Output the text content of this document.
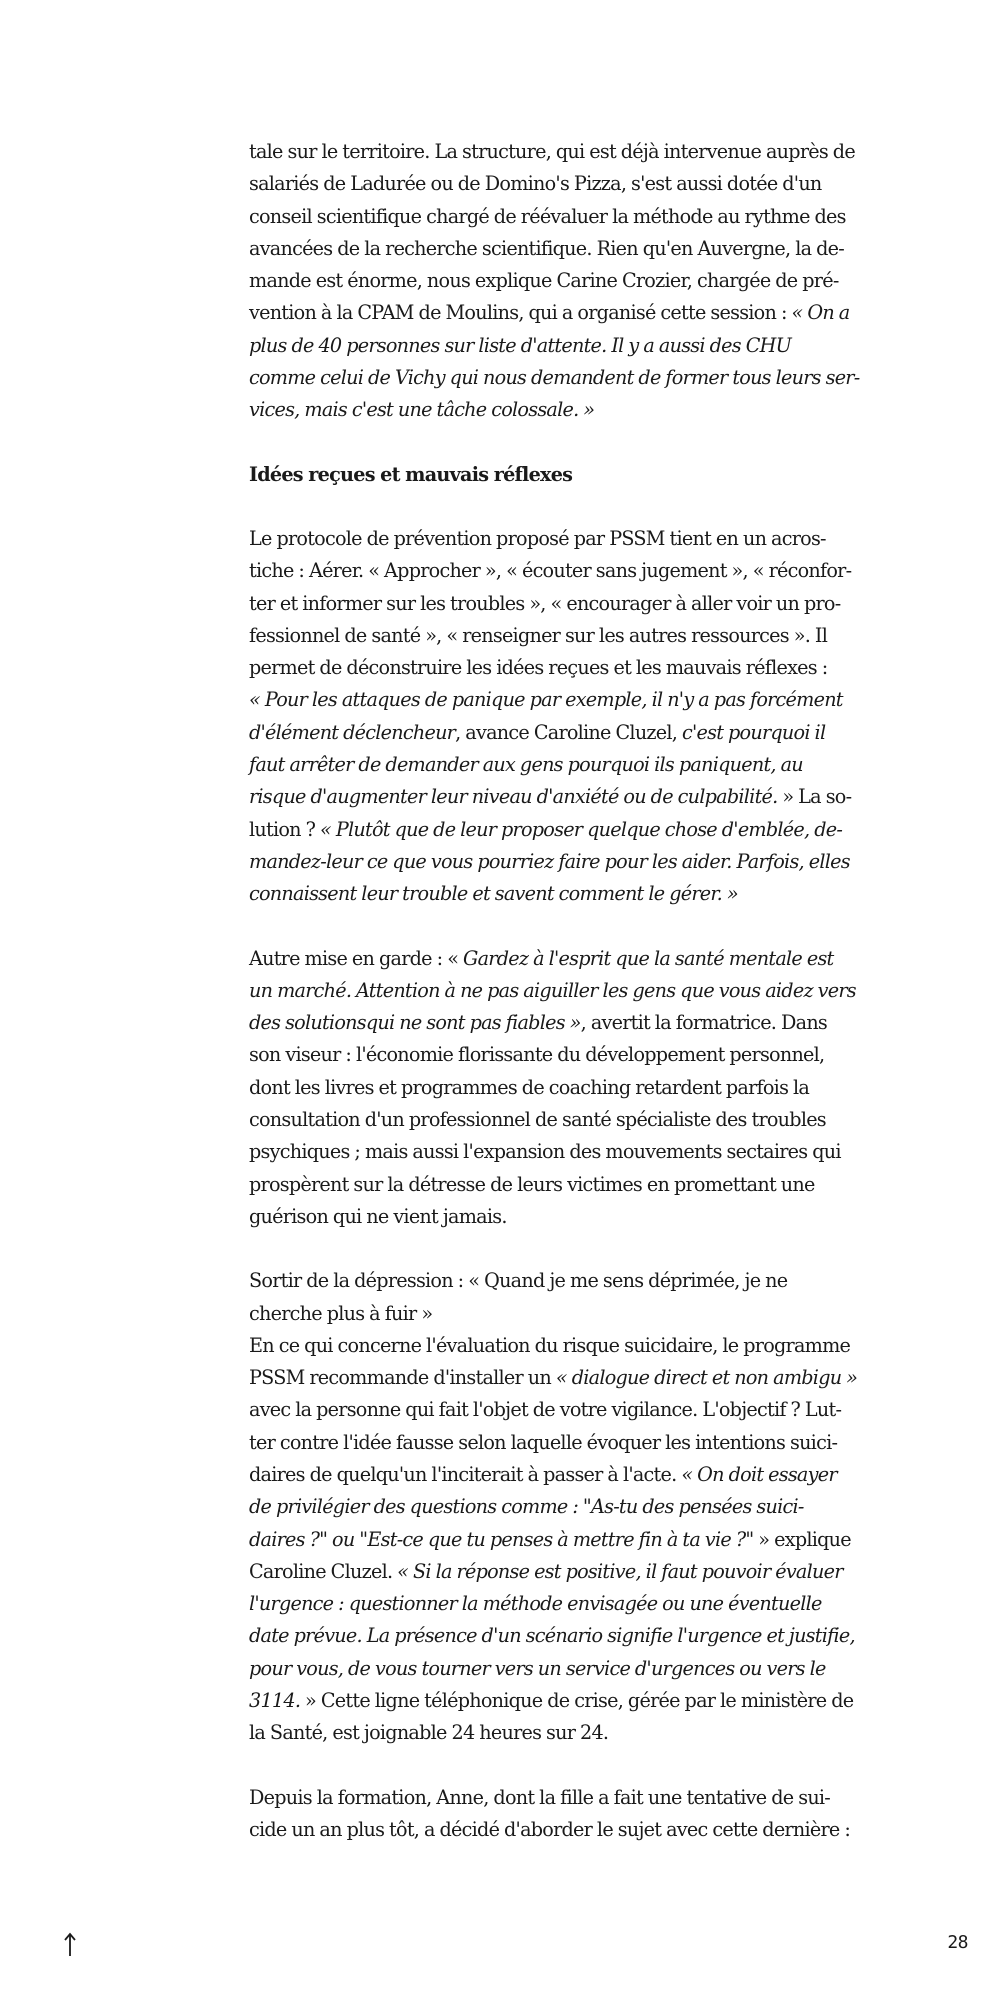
tale sur le territoire. La structure, qui est déjà intervenue auprès de
salariés de Ladurée ou de Domino's Pizza, s'est aussi dotée d'un
conseil scientifique chargé de réévaluer la méthode au rythme des
avancées de la recherche scientifique. Rien qu'en Auvergne, la de-
mande est énorme, nous explique Carine Crozier, chargée de pré-
vention à la CPAM de Moulins, qui a organisé cette session : « On a
plus de 40 personnes sur liste d'attente. Il y a aussi des CHU
comme celui de Vichy qui nous demandent de former tous leurs ser-
vices, mais c'est une tâche colossale. »

Idées reçues et mauvais réflexes

Le protocole de prévention proposé par PSSM tient en un acros-
tiche : Aérer. « Approcher », « écouter sans jugement », « réconfor-
ter et informer sur les troubles », « encourager à aller voir un pro-
fessionnel de santé », « renseigner sur les autres ressources ». Il
permet de déconstruire les idées reçues et les mauvais réflexes :
« Pour les attaques de panique par exemple, il n'y a pas forcément
d'élément déclencheur, avance Caroline Cluzel, c'est pourquoi il
faut arrêter de demander aux gens pourquoi ils paniquent, au
risque d'augmenter leur niveau d'anxiété ou de culpabilité. » La so-
lution ? « Plutôt que de leur proposer quelque chose d'emblée, de-
mandez-leur ce que vous pourriez faire pour les aider. Parfois, elles
connaissent leur trouble et savent comment le gérer. »
Autre mise en garde : « Gardez à l'esprit que la santé mentale est
un marché. Attention à ne pas aiguiller les gens que vous aidez vers
des solutionsqui ne sont pas fiables », avertit la formatrice. Dans
son viseur : l'économie florissante du développement personnel,
dont les livres et programmes de coaching retardent parfois la
consultation d'un professionnel de santé spécialiste des troubles
psychiques ; mais aussi l'expansion des mouvements sectaires qui
prospèrent sur la détresse de leurs victimes en promettant une
guérison qui ne vient jamais.
Sortir de la dépression : « Quand je me sens déprimée, je ne
cherche plus à fuir »
En ce qui concerne l'évaluation du risque suicidaire, le programme
PSSM recommande d'installer un « dialogue direct et non ambigu »
avec la personne qui fait l'objet de votre vigilance. L'objectif ? Lut-
ter contre l'idée fausse selon laquelle évoquer les intentions suici-
daires de quelqu'un l'inciterait à passer à l'acte. « On doit essayer
de privilégier des questions comme : "As-tu des pensées suici-
daires ?" ou "Est-ce que tu penses à mettre fin à ta vie ?" » explique
Caroline Cluzel. « Si la réponse est positive, il faut pouvoir évaluer
l'urgence : questionner la méthode envisagée ou une éventuelle
date prévue. La présence d'un scénario signifie l'urgence et justifie,
pour vous, de vous tourner vers un service d'urgences ou vers le
3114. » Cette ligne téléphonique de crise, gérée par le ministère de
la Santé, est joignable 24 heures sur 24.
Depuis la formation, Anne, dont la fille a fait une tentative de sui-
cide un an plus tôt, a décidé d'aborder le sujet avec cette dernière :
28
